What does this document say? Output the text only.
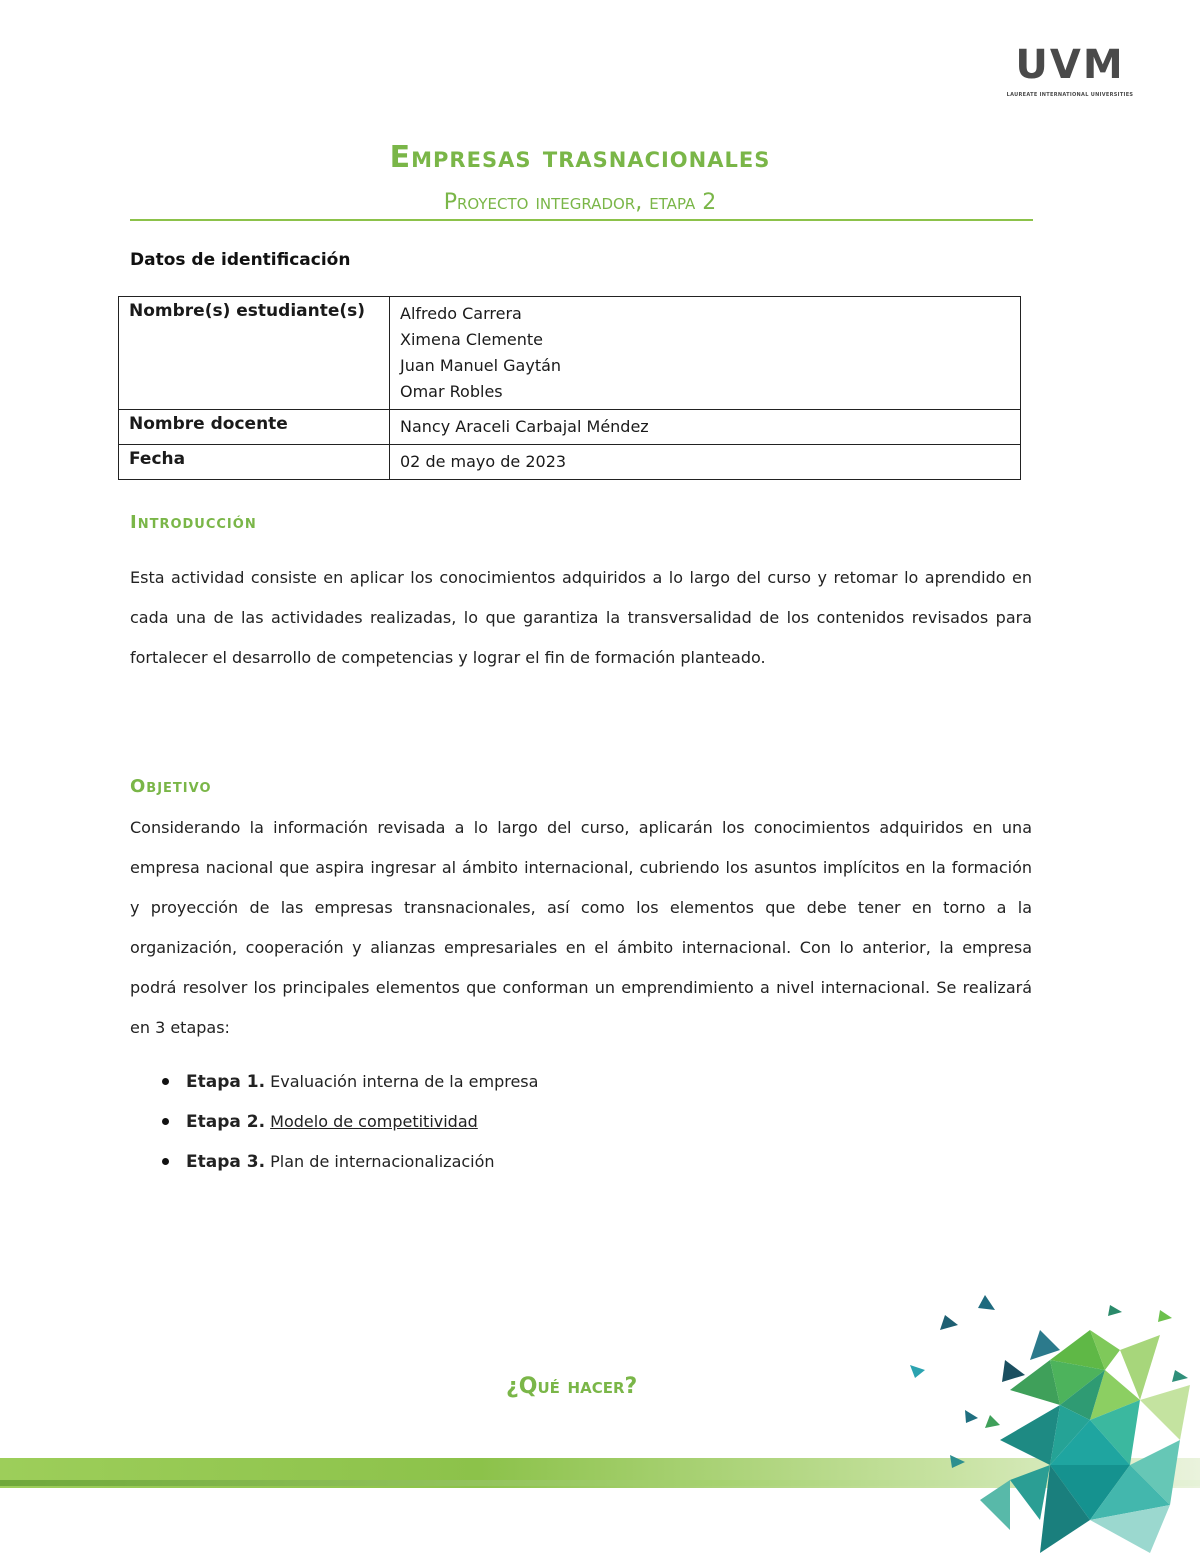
UVM
LAUREATE INTERNATIONAL UNIVERSITIES
Empresas trasnacionales
Proyecto integrador, etapa 2
Datos de identificación
Nombre(s) estudiante(s)	Alfredo Carrera
Ximena Clemente
Juan Manuel Gaytán
Omar Robles

Nombre docente	Nancy Araceli Carbajal Méndez
Fecha	02 de mayo de 2023
Introducción
Esta actividad consiste en aplicar los conocimientos adquiridos a lo largo del curso y retomar lo aprendido en cada una de las actividades realizadas, lo que garantiza la transversalidad de los contenidos revisados para fortalecer el desarrollo de competencias y lograr el fin de formación planteado.
Objetivo
Considerando la información revisada a lo largo del curso, aplicarán los conocimientos adquiridos en una empresa nacional que aspira ingresar al ámbito internacional, cubriendo los asuntos implícitos en la formación y proyección de las empresas transnacionales, así como los elementos que debe tener en torno a la organización, cooperación y alianzas empresariales en el ámbito internacional. Con lo anterior, la empresa podrá resolver los principales elementos que conforman un emprendimiento a nivel internacional. Se realizará en 3 etapas:
Etapa 1. Evaluación interna de la empresa
Etapa 2. Modelo de competitividad
Etapa 3. Plan de internacionalización
¿Qué hacer?
